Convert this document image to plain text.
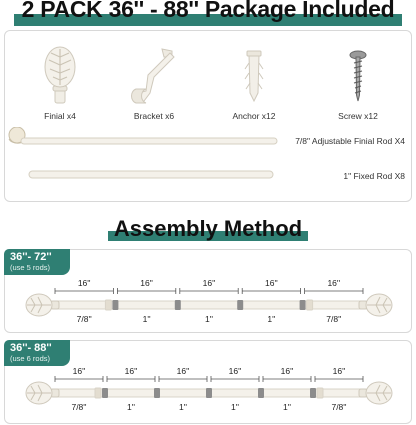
2 PACK 36'' - 88'' Package Included
Finial x4	Bracket x6	Anchor x12	Screw x12
7/8" Adjustable Finial Rod X4
1" Fixed Rod X8
Assembly Method
36''- 72''
(use 5 rods)
16''
7/8''
16''
1''
16''
1''
16''
1''
16''
7/8''
36''- 88''
(use 6 rods)
16''
7/8''
16''
1''
16''
1''
16''
1''
16''
1''
16''
7/8''
